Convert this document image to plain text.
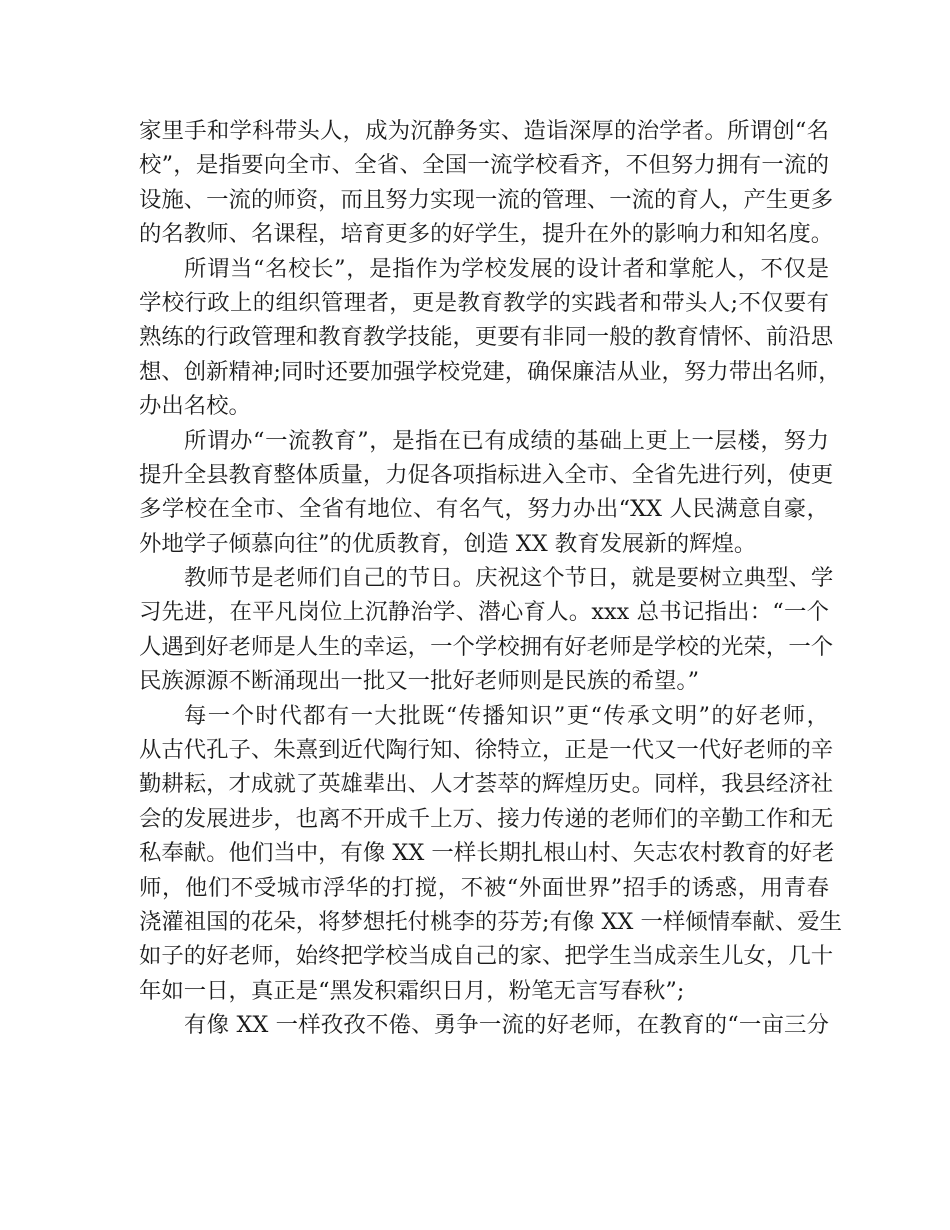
家里手和学科带头人，成为沉静务实、造诣深厚的治学者。所谓创“名
校”，是指要向全市、全省、全国一流学校看齐，不但努力拥有一流的
设施、一流的师资，而且努力实现一流的管理、一流的育人，产生更多
的名教师、名课程，培育更多的好学生，提升在外的影响力和知名度。
所谓当“名校长”，是指作为学校发展的设计者和掌舵人，不仅是
学校行政上的组织管理者，更是教育教学的实践者和带头人;不仅要有
熟练的行政管理和教育教学技能，更要有非同一般的教育情怀、前沿思
想、创新精神;同时还要加强学校党建，确保廉洁从业，努力带出名师，
办出名校。
所谓办“一流教育”，是指在已有成绩的基础上更上一层楼，努力
提升全县教育整体质量，力促各项指标进入全市、全省先进行列，使更
多学校在全市、全省有地位、有名气，努力办出“XX 人民满意自豪，
外地学子倾慕向往”的优质教育，创造 XX 教育发展新的辉煌。
教师节是老师们自己的节日。庆祝这个节日，就是要树立典型、学
习先进，在平凡岗位上沉静治学、潜心育人。xxx 总书记指出：“一个
人遇到好老师是人生的幸运，一个学校拥有好老师是学校的光荣，一个
民族源源不断涌现出一批又一批好老师则是民族的希望。”
每一个时代都有一大批既“传播知识”更“传承文明”的好老师，
从古代孔子、朱熹到近代陶行知、徐特立，正是一代又一代好老师的辛
勤耕耘，才成就了英雄辈出、人才荟萃的辉煌历史。同样，我县经济社
会的发展进步，也离不开成千上万、接力传递的老师们的辛勤工作和无
私奉献。他们当中，有像 XX 一样长期扎根山村、矢志农村教育的好老
师，他们不受城市浮华的打搅，不被“外面世界”招手的诱惑，用青春
浇灌祖国的花朵，将梦想托付桃李的芬芳;有像 XX 一样倾情奉献、爱生
如子的好老师，始终把学校当成自己的家、把学生当成亲生儿女，几十
年如一日，真正是“黑发积霜织日月，粉笔无言写春秋”;
有像 XX 一样孜孜不倦、勇争一流的好老师，在教育的“一亩三分
